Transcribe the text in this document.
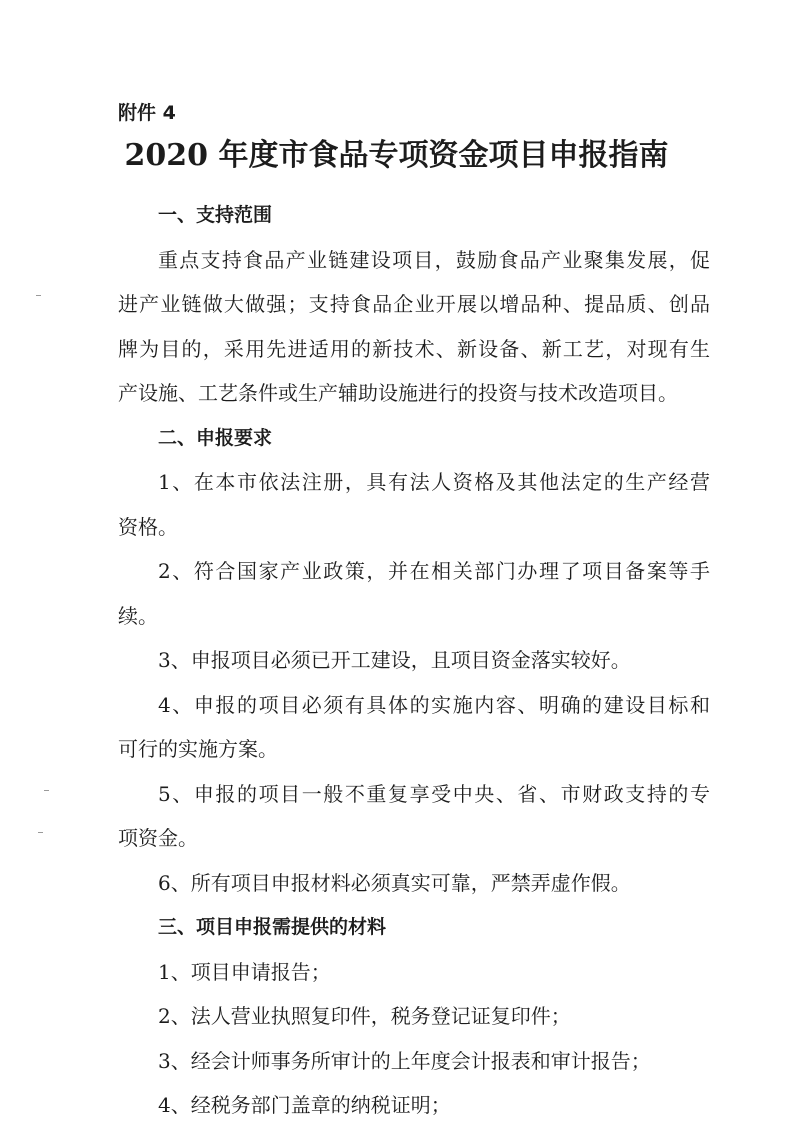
附件 4
2020 年度市食品专项资金项目申报指南
一、支持范围
重点支持食品产业链建设项目，鼓励食品产业聚集发展，促
进产业链做大做强；支持食品企业开展以增品种、提品质、创品
牌为目的，采用先进适用的新技术、新设备、新工艺，对现有生
产设施、工艺条件或生产辅助设施进行的投资与技术改造项目。
二、申报要求
1、在本市依法注册，具有法人资格及其他法定的生产经营
资格。
2、符合国家产业政策，并在相关部门办理了项目备案等手
续。
3、申报项目必须已开工建设，且项目资金落实较好。
4、申报的项目必须有具体的实施内容、明确的建设目标和
可行的实施方案。
5、申报的项目一般不重复享受中央、省、市财政支持的专
项资金。
6、所有项目申报材料必须真实可靠，严禁弄虚作假。
三、项目申报需提供的材料
1、项目申请报告；
2、法人营业执照复印件，税务登记证复印件；
3、经会计师事务所审计的上年度会计报表和审计报告；
4、经税务部门盖章的纳税证明；
